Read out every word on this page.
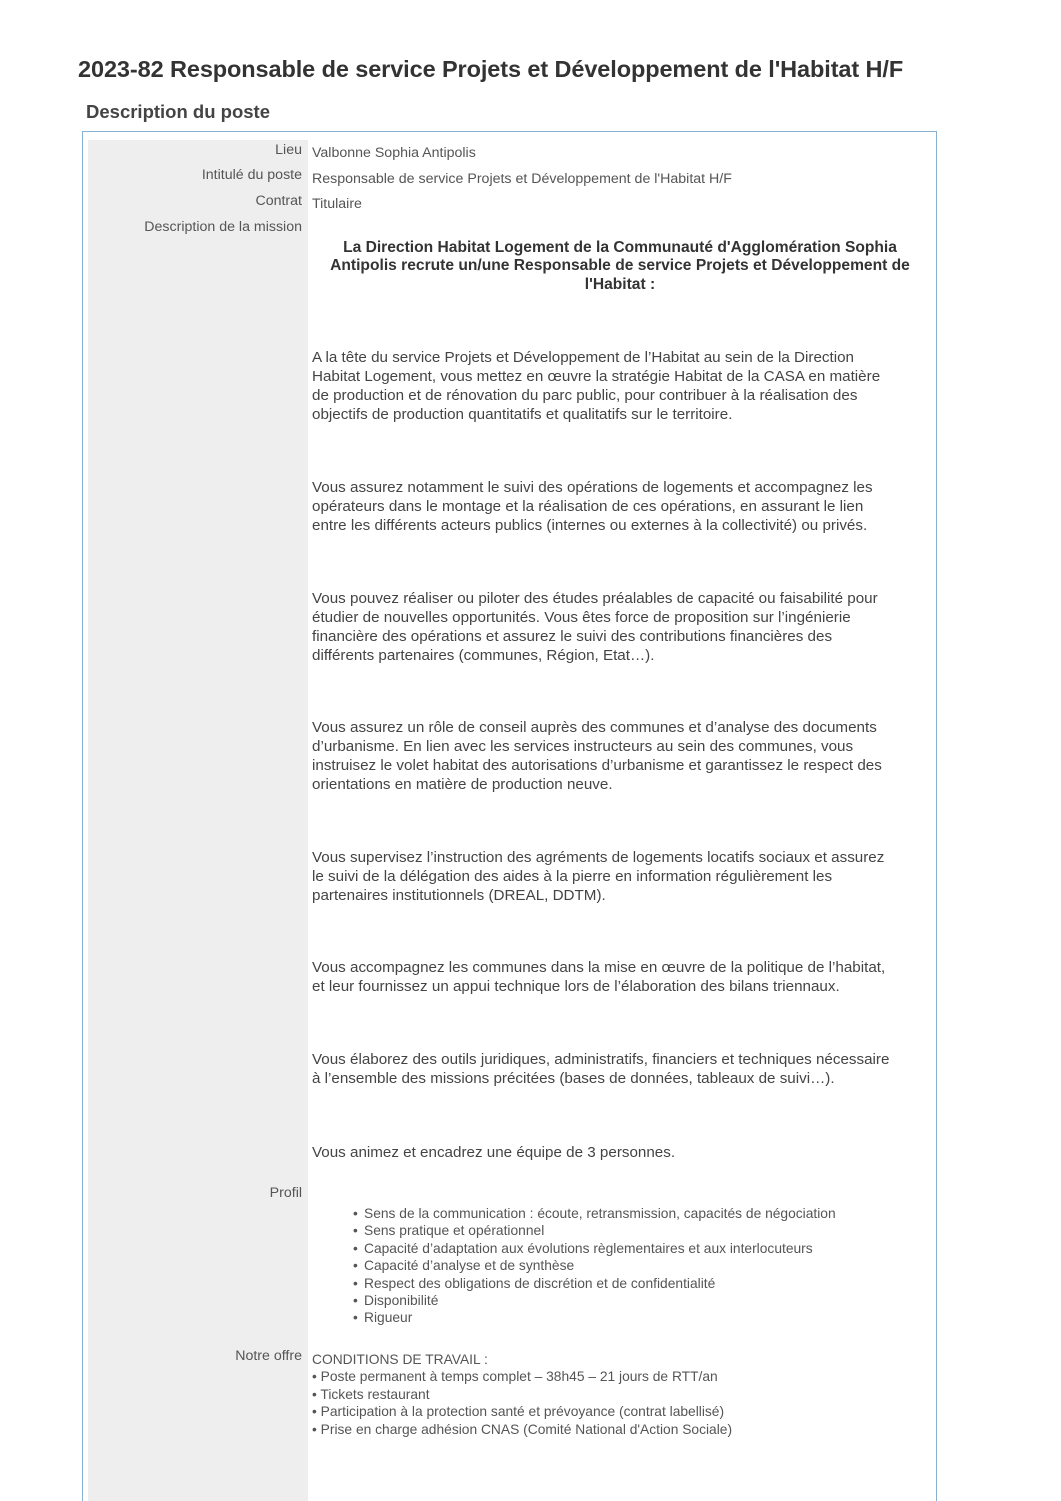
2023-82 Responsable de service Projets et Développement de l'Habitat H/F
Description du poste
Lieu
Intitulé du poste
Contrat
Description de la mission
Profil
Notre offre
Valbonne Sophia Antipolis
Responsable de service Projets et Développement de l'Habitat H/F
Titulaire
La Direction Habitat Logement de la Communauté d'Agglomération Sophia
Antipolis recrute un/une Responsable de service Projets et Développement de
l'Habitat :
A la tête du service Projets et Développement de l’Habitat au sein de la Direction
Habitat Logement, vous mettez en œuvre la stratégie Habitat de la CASA en matière
de production et de rénovation du parc public, pour contribuer à la réalisation des
objectifs de production quantitatifs et qualitatifs sur le territoire.
Vous assurez notamment le suivi des opérations de logements et accompagnez les
opérateurs dans le montage et la réalisation de ces opérations, en assurant le lien
entre les différents acteurs publics (internes ou externes à la collectivité) ou privés.
Vous pouvez réaliser ou piloter des études préalables de capacité ou faisabilité pour
étudier de nouvelles opportunités. Vous êtes force de proposition sur l’ingénierie
financière des opérations et assurez le suivi des contributions financières des
différents partenaires (communes, Région, Etat…).
Vous assurez un rôle de conseil auprès des communes et d’analyse des documents
d’urbanisme. En lien avec les services instructeurs au sein des communes, vous
instruisez le volet habitat des autorisations d’urbanisme et garantissez le respect des
orientations en matière de production neuve.
Vous supervisez l’instruction des agréments de logements locatifs sociaux et assurez
le suivi de la délégation des aides à la pierre en information régulièrement les
partenaires institutionnels (DREAL, DDTM).
Vous accompagnez les communes dans la mise en œuvre de la politique de l’habitat,
et leur fournissez un appui technique lors de l’élaboration des bilans triennaux.
Vous élaborez des outils juridiques, administratifs, financiers et techniques nécessaire
à l’ensemble des missions précitées (bases de données, tableaux de suivi…).
Vous animez et encadrez une équipe de 3 personnes.
• Sens de la communication : écoute, retransmission, capacités de négociation
• Sens pratique et opérationnel
• Capacité d’adaptation aux évolutions règlementaires et aux interlocuteurs
• Capacité d’analyse et de synthèse
• Respect des obligations de discrétion et de confidentialité
• Disponibilité
• Rigueur
CONDITIONS DE TRAVAIL :
• Poste permanent à temps complet – 38h45 – 21 jours de RTT/an
• Tickets restaurant
• Participation à la protection santé et prévoyance (contrat labellisé)
• Prise en charge adhésion CNAS (Comité National d'Action Sociale)
